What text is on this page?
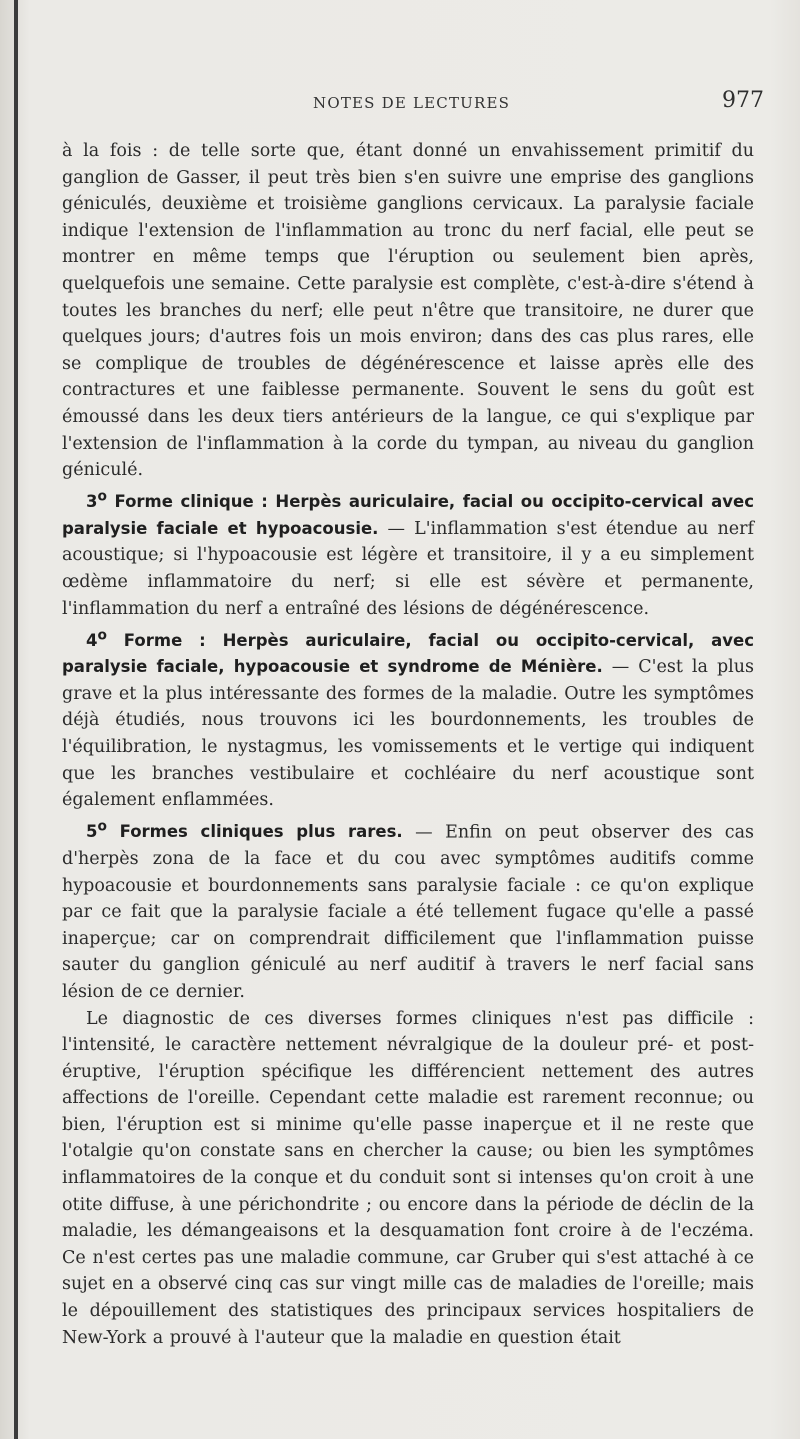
NOTES DE LECTURES	977

à la fois : de telle sorte que, étant donné un envahissement primitif du ganglion de Gasser, il peut très bien s'en suivre une emprise des ganglions géniculés, deuxième et troisième ganglions cervicaux. La paralysie faciale indique l'extension de l'inflammation au tronc du nerf facial, elle peut se montrer en même temps que l'éruption ou seulement bien après, quelquefois une semaine. Cette paralysie est complète, c'est-à-dire s'étend à toutes les branches du nerf; elle peut n'être que transitoire, ne durer que quelques jours; d'autres fois un mois environ; dans des cas plus rares, elle se complique de troubles de dégénérescence et laisse après elle des contractures et une faiblesse permanente. Souvent le sens du goût est émoussé dans les deux tiers antérieurs de la langue, ce qui s'explique par l'extension de l'inflammation à la corde du tympan, au niveau du ganglion géniculé.

3$^o$ Forme clinique : Herpès auriculaire, facial ou occipito-cervical avec paralysie faciale et hypoacousie. — L'inflammation s'est étendue au nerf acoustique; si l'hypoacousie est légère et transitoire, il y a eu simplement œdème inflammatoire du nerf; si elle est sévère et permanente, l'inflammation du nerf a entraîné des lésions de dégénérescence.

4$^o$ Forme : Herpès auriculaire, facial ou occipito-cervical, avec paralysie faciale, hypoacousie et syndrome de Ménière. — C'est la plus grave et la plus intéressante des formes de la maladie. Outre les symptômes déjà étudiés, nous trouvons ici les bourdonnements, les troubles de l'équilibration, le nystagmus, les vomissements et le vertige qui indiquent que les branches vestibulaire et cochléaire du nerf acoustique sont également enflammées.

5$^o$ Formes cliniques plus rares. — Enfin on peut observer des cas d'herpès zona de la face et du cou avec symptômes auditifs comme hypoacousie et bourdonnements sans paralysie faciale : ce qu'on explique par ce fait que la paralysie faciale a été tellement fugace qu'elle a passé inaperçue; car on comprendrait difficilement que l'inflammation puisse sauter du ganglion géniculé au nerf auditif à travers le nerf facial sans lésion de ce dernier.

Le diagnostic de ces diverses formes cliniques n'est pas difficile : l'intensité, le caractère nettement névralgique de la douleur pré- et post-éruptive, l'éruption spécifique les différencient nettement des autres affections de l'oreille. Cependant cette maladie est rarement reconnue; ou bien, l'éruption est si minime qu'elle passe inaperçue et il ne reste que l'otalgie qu'on constate sans en chercher la cause; ou bien les symptômes inflammatoires de la conque et du conduit sont si intenses qu'on croit à une otite diffuse, à une périchondrite ; ou encore dans la période de déclin de la maladie, les démangeaisons et la desquamation font croire à de l'eczéma. Ce n'est certes pas une maladie commune, car Gruber qui s'est attaché à ce sujet en a observé cinq cas sur vingt mille cas de maladies de l'oreille; mais le dépouillement des statistiques des principaux services hospitaliers de New-York a prouvé à l'auteur que la maladie en question était
